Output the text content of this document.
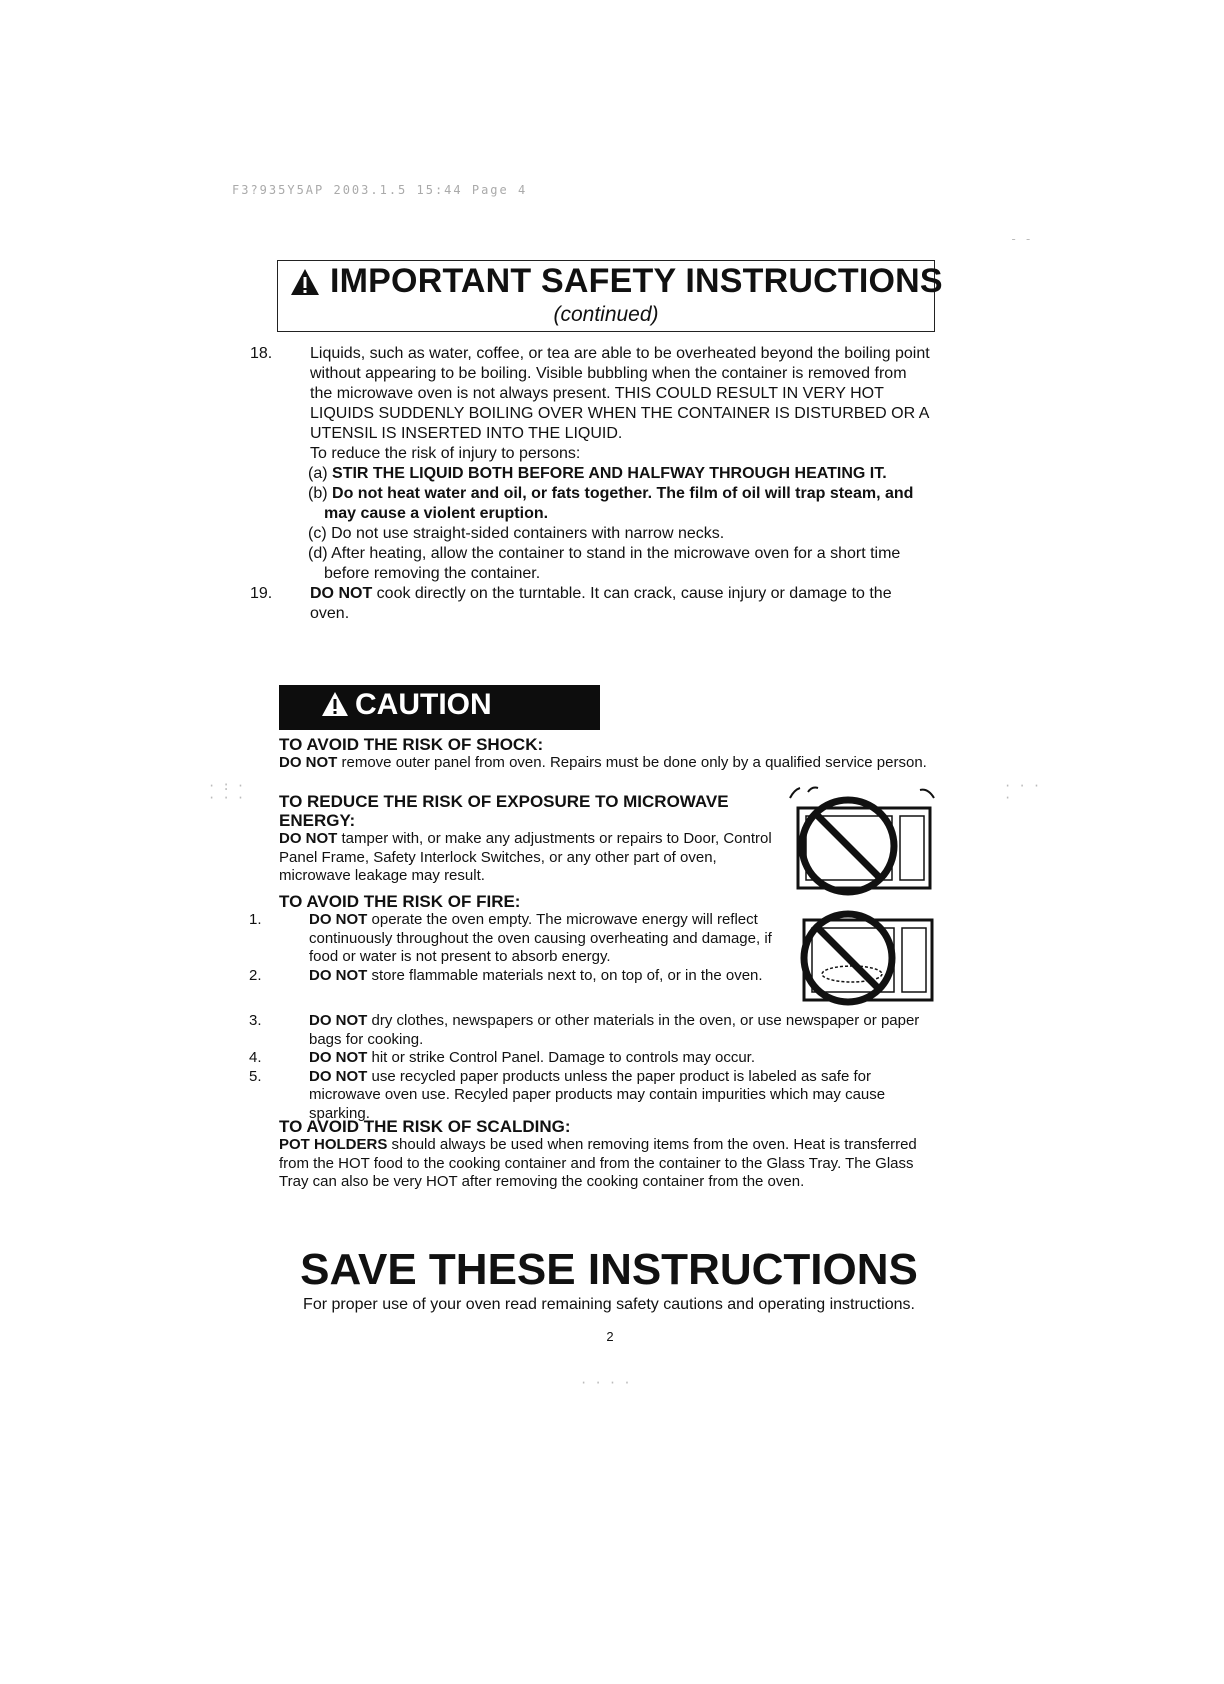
F3?935Y5AP 2003.1.5 15:44 Page 4
- -
· : ·
· · ·
· · ·
·
· · · ·
IMPORTANT SAFETY INSTRUCTIONS
(continued)
18. Liquids, such as water, coffee, or tea are able to be overheated beyond the boiling point without appearing to be boiling. Visible bubbling when the container is removed from the microwave oven is not always present. THIS COULD RESULT IN VERY HOT LIQUIDS SUDDENLY BOILING OVER WHEN THE CONTAINER IS DISTURBED OR A UTENSIL IS INSERTED INTO THE LIQUID.
To reduce the risk of injury to persons:
(a) STIR THE LIQUID BOTH BEFORE AND HALFWAY THROUGH HEATING IT.
(b) Do not heat water and oil, or fats together. The film of oil will trap steam, and may cause a violent eruption.
(c) Do not use straight-sided containers with narrow necks.
(d) After heating, allow the container to stand in the microwave oven for a short time before removing the container.
19. DO NOT cook directly on the turntable. It can crack, cause injury or damage to the oven.
CAUTION
TO AVOID THE RISK OF SHOCK:
DO NOT remove outer panel from oven. Repairs must be done only by a qualified service person.
TO REDUCE THE RISK OF EXPOSURE TO MICROWAVE ENERGY:
DO NOT tamper with, or make any adjustments or repairs to Door, Control Panel Frame, Safety Interlock Switches, or any other part of oven, microwave leakage may result.
TO AVOID THE RISK OF FIRE:
1.	DO NOT operate the oven empty. The microwave energy will reflect continuously throughout the oven causing overheating and damage, if food or water is not present to absorb energy.
2.	DO NOT store flammable materials next to, on top of, or in the oven.
3.	DO NOT dry clothes, newspapers or other materials in the oven, or use newspaper or paper bags for cooking.
4.	DO NOT hit or strike Control Panel. Damage to controls may occur.
5.	DO NOT use recycled paper products unless the paper product is labeled as safe for microwave oven use. Recyled paper products may contain impurities which may cause sparking.
TO AVOID THE RISK OF SCALDING:
POT HOLDERS should always be used when removing items from the oven. Heat is transferred from the HOT food to the cooking container and from the container to the Glass Tray. The Glass Tray can also be very HOT after removing the cooking container from the oven.
SAVE THESE INSTRUCTIONS
For proper use of your oven read remaining safety cautions and operating instructions.
2
